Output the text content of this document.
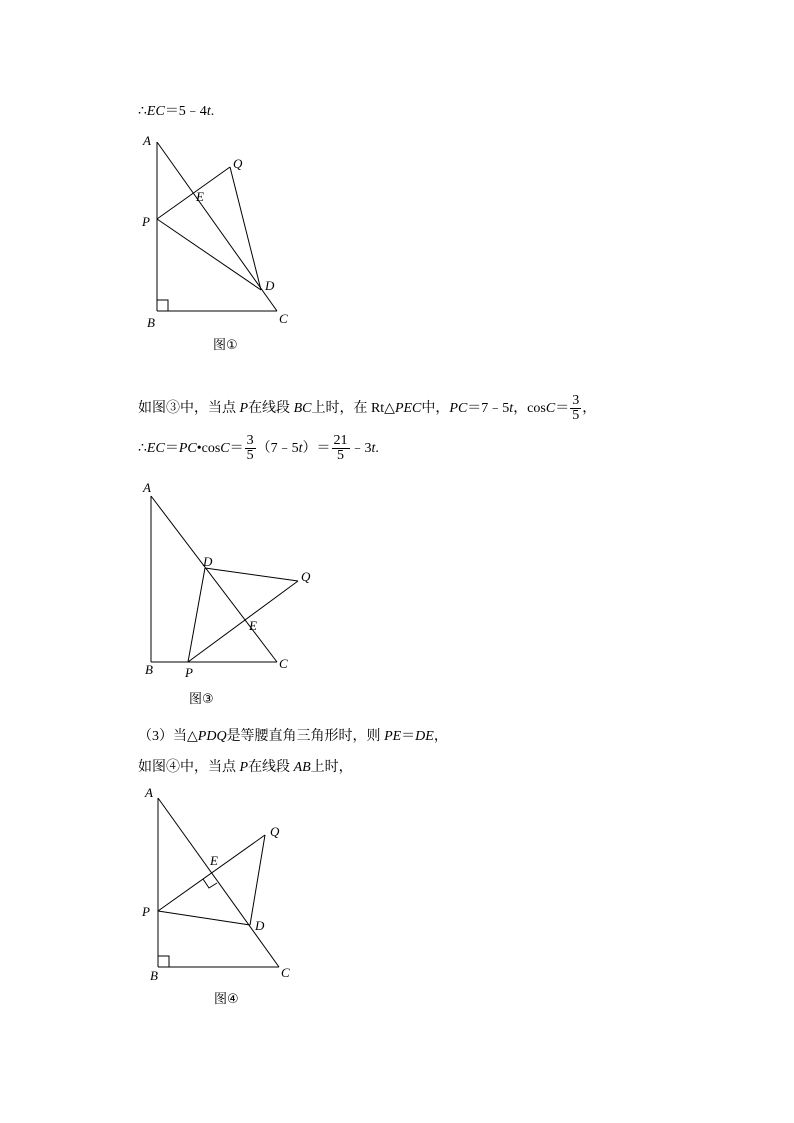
∴EC＝5﹣4t.
A
Q
E
P
D
B	C
图①
如图③中，当点 P在线段 BC上时，在 Rt△PEC中，PC＝7﹣5t，$\cos C= \frac{3}{5}$ ，
∴EC＝PC•cosC＝ $\frac{3}{5}$ （7﹣5t）＝ $\frac{21}{5}$ ﹣3t.
A
D
Q
E
B P
C
图③
（3）当△PDQ是等腰直角三角形时，则 PE＝DE，
如图④中，当点 P在线段 AB上时，
A
Q
E
P
D
B	C
图④
